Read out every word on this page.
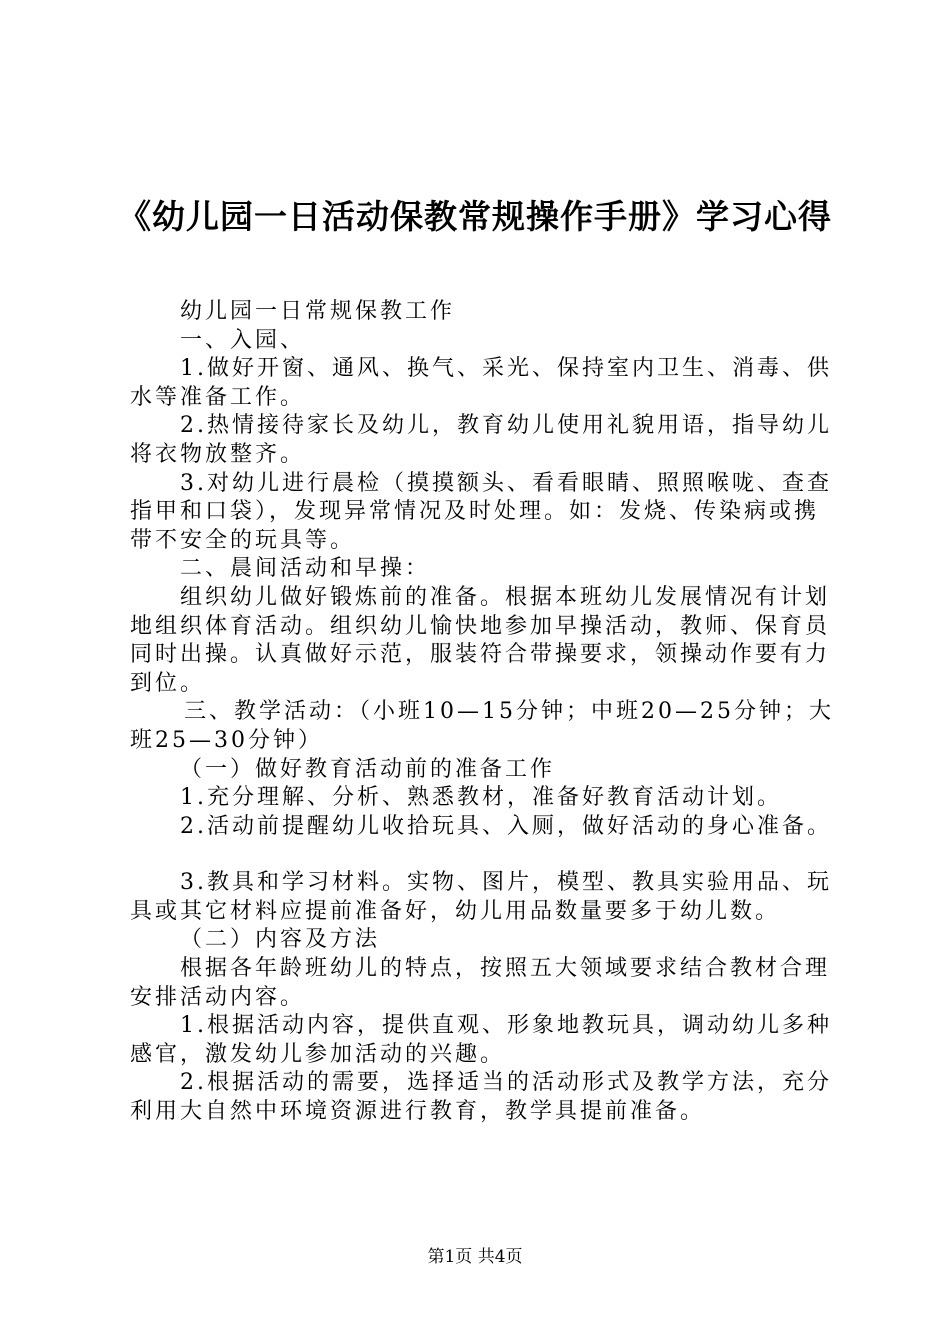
《幼儿园一日活动保教常规操作手册》学习心得

幼儿园一日常规保教工作

一、入园、

1.做好开窗、通风、换气、采光、保持室内卫生、消毒、供水等准备工作。

2.热情接待家长及幼儿，教育幼儿使用礼貌用语，指导幼儿将衣物放整齐。

3.对幼儿进行晨检（摸摸额头、看看眼睛、照照喉咙、查查指甲和口袋），发现异常情况及时处理。如：发烧、传染病或携带不安全的玩具等。

二、晨间活动和早操：

组织幼儿做好锻炼前的准备。根据本班幼儿发展情况有计划地组织体育活动。组织幼儿愉快地参加早操活动，教师、保育员同时出操。认真做好示范，服装符合带操要求，领操动作要有力到位。

三、教学活动：（小班10—15分钟；中班20—25分钟；大班25—30分钟）

（一）做好教育活动前的准备工作

1.充分理解、分析、熟悉教材，准备好教育活动计划。

2.活动前提醒幼儿收拾玩具、入厕，做好活动的身心准备。

3.教具和学习材料。实物、图片，模型、教具实验用品、玩具或其它材料应提前准备好，幼儿用品数量要多于幼儿数。

（二）内容及方法

根据各年龄班幼儿的特点，按照五大领域要求结合教材合理安排活动内容。

1.根据活动内容，提供直观、形象地教玩具，调动幼儿多种感官，激发幼儿参加活动的兴趣。

2.根据活动的需要，选择适当的活动形式及教学方法，充分利用大自然中环境资源进行教育，教学具提前准备。

第1页 共4页
